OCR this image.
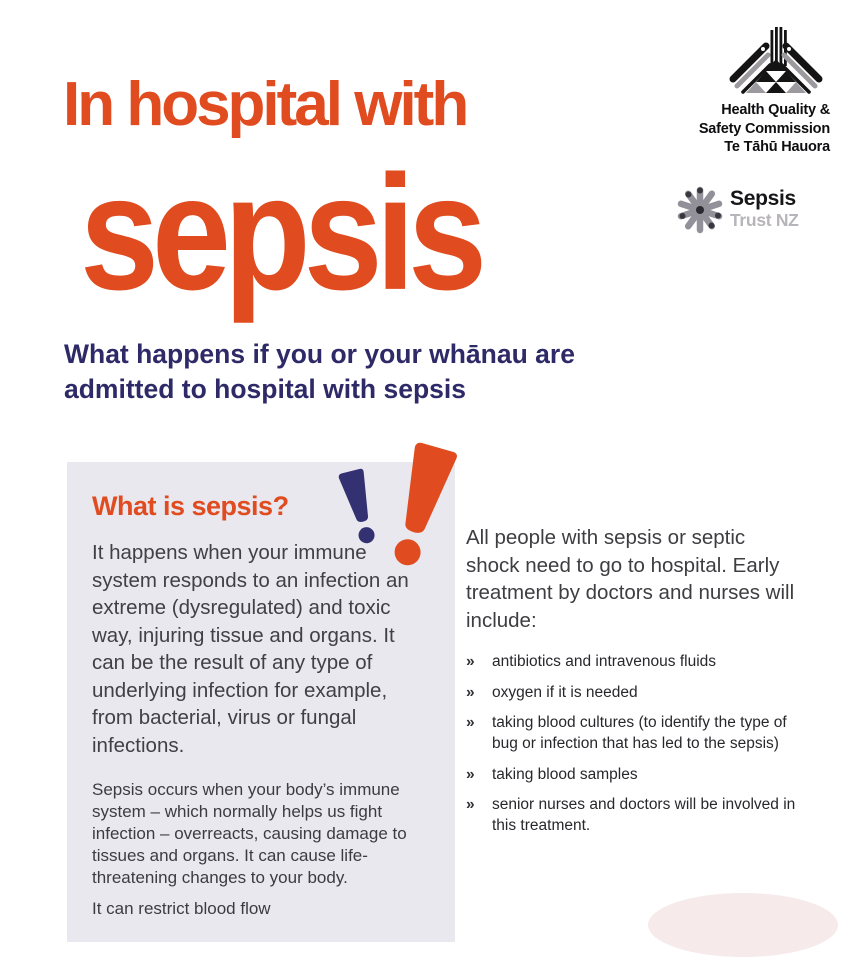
In hospital with
sepsis
Health Quality &
Safety Commission
Te Tāhū Hauora
Sepsis
Trust NZ
What happens if you or your whānau are
admitted to hospital with sepsis
What is sepsis?

It happens when your immune system responds to an infection an extreme (dysregulated) and toxic way, injuring tissue and organs. It can be the result of any type of underlying infection for example, from bacterial, virus or fungal infections.

Sepsis occurs when your body’s immune system – which normally helps us fight infection – overreacts, causing damage to tissues and organs. It can cause life-threatening changes to your body.

It can restrict blood flow

All people with sepsis or septic shock need to go to hospital. Early treatment by doctors and nurses will include:

»	antibiotics and intravenous fluids
»	oxygen if it is needed
»	taking blood cultures (to identify the type of bug or infection that has led to the sepsis)
»	taking blood samples
»	senior nurses and doctors will be involved in this treatment.
